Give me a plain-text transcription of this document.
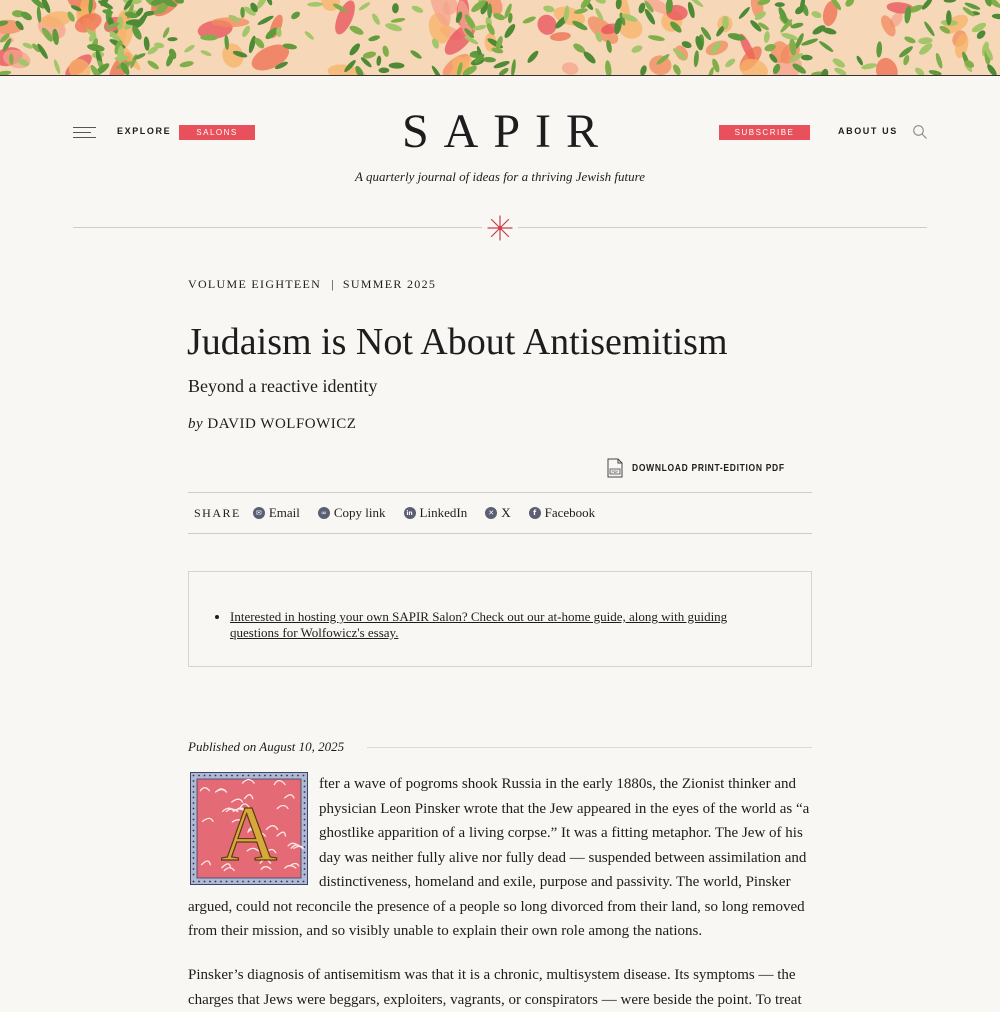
EXPLORE	SALONS	SAPIR
A quarterly journal of ideas for a thriving Jewish future
SUBSCRIBE	ABOUT US
VOLUME EIGHTEEN | SUMMER 2025
Judaism is Not About Antisemitism
Beyond a reactive identity
by DAVID WOLFOWICZ
PDF DOWNLOAD PRINT-EDITION PDF
SHARE	✉ Email	∞ Copy link	in LinkedIn	✕ X	f Facebook
• Interested in hosting your own SAPIR Salon? Check out our at-home guide, along with guiding questions for Wolfowicz's essay.
Published on August 10, 2025
A

fter a wave of pogroms shook Russia in the early 1880s, the Zionist thinker and physician Leon Pinsker wrote that the Jew appeared in the eyes of the world as “a ghostlike apparition of a living corpse.” It was a fitting metaphor. The Jew of his day was neither fully alive nor fully dead — suspended between assimilation and distinctiveness, homeland and exile, purpose and passivity. The world, Pinsker argued, could not reconcile the presence of a people so long divorced from their land, so long removed from their mission, and so visibly unable to explain their own role among the nations.

Pinsker’s diagnosis of antisemitism was that it is a chronic, multisystem disease. Its symptoms — the charges that Jews were beggars, exploiters, vagrants, or conspirators — were beside the point. To treat
